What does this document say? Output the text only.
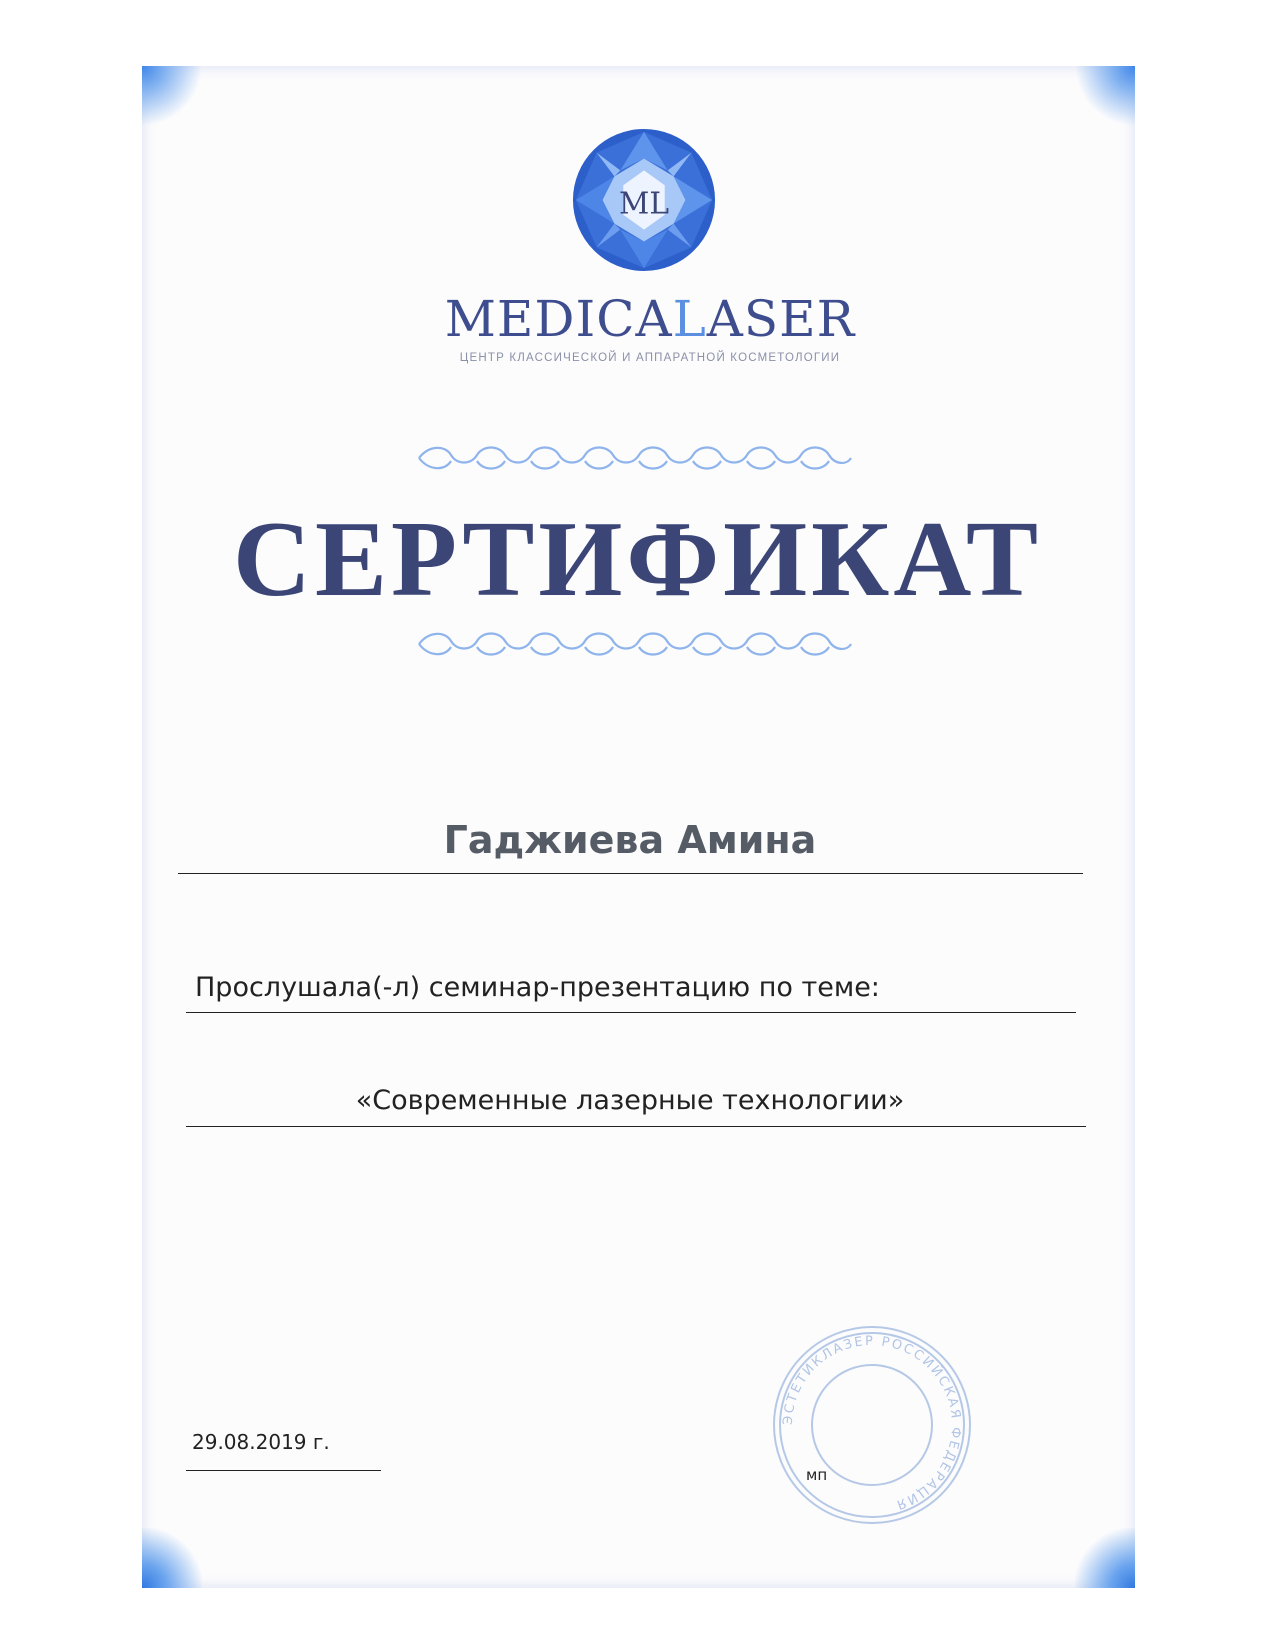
ML
MEDICALASER
ЦЕНТР КЛАССИЧЕСКОЙ И АППАРАТНОЙ КОСМЕТОЛОГИИ
СЕРТИФИКАТ
Гаджиева Амина
Прослушала(-л) семинар-презентацию по теме:
«Современные лазерные технологии»
29.08.2019 г.
ЭСТЕТИКЛАЗЕР РОССИЙСКАЯ ФЕДЕРАЦИЯ
мп
